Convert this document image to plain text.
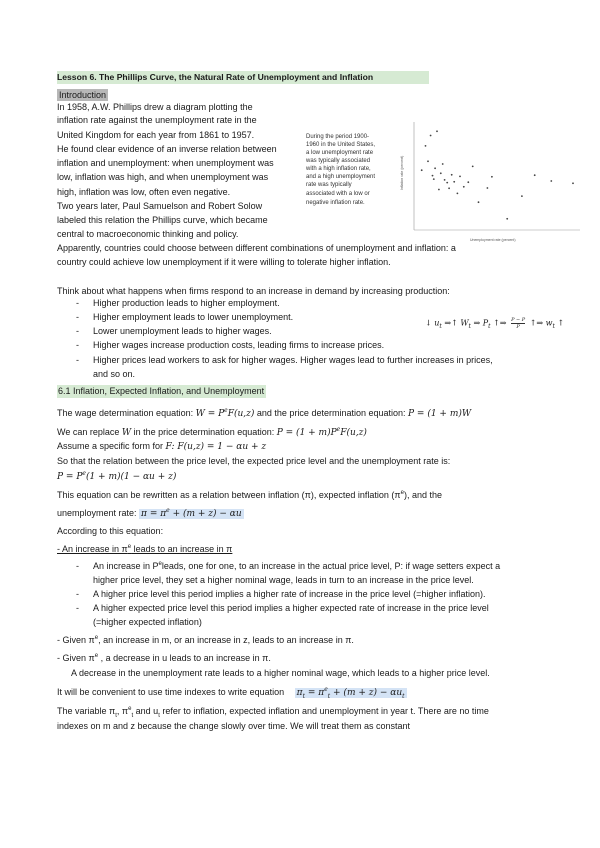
Lesson 6. The Phillips Curve, the Natural Rate of Unemployment and Inflation
Introduction
In 1958, A.W. Phillips drew a diagram plotting the
inflation rate against the unemployment rate in the
United Kingdom for each year from 1861 to 1957.
He found clear evidence of an inverse relation between
inflation and unemployment: when unemployment was
low, inflation was high, and when unemployment was
high, inflation was low, often even negative.
Two years later, Paul Samuelson and Robert Solow
labeled this relation the Phillips curve, which became
central to macroeconomic thinking and policy.
Apparently, countries could choose between different combinations of unemployment and inflation: a
country could achieve low unemployment if it were willing to tolerate higher inflation.
During the period 1900-
1960 in the United States,
a low unemployment rate
was typically associated
with a high inflation rate,
and a high unemployment
rate was typically
associated with a low or
negative inflation rate.
Inflation rate (percent)
Unemployment rate (percent)
Think about what happens when firms respond to an increase in demand by increasing production:
- Higher production leads to higher employment.
- Higher employment leads to lower unemployment.
- Lower unemployment leads to higher wages.
- Higher wages increase production costs, leading firms to increase prices.
- Higher prices lead workers to ask for higher wages. Higher wages lead to further increases in prices,
and so on.
↓ $u_t$ ⇒↑ $W_t$ ⇒ $P_t$ ↑⇒ $\frac{P - P}{P}$ ↑⇒ $w_t$ ↑
6.1 Inflation, Expected Inflation, and Unemployment
The wage determination equation: $W = P^eF(u,z)$ and the price determination equation: P = (1 + m)W
We can replace W in the price determination equation: $P = (1 + m)P^eF(u,z)$
Assume a specific form for F: F(u,z) = 1 − αu + z
So that the relation between the price level, the expected price level and the unemployment rate is:
$P = P^e(1 + m)(1 - \alpha u + z)$
This equation can be rewritten as a relation between inflation (π), expected inflation $(\pi^e)$, and the
unemployment rate: $\pi = \pi^e + (m + z) - \alpha u$
According to this equation:
- An increase in $\pi^e$ leads to an increase in π
- An increase in $P^eleads$, one for one, to an increase in the actual price level, P: if wage setters expect a
higher price level, they set a higher nominal wage, leads in turn to an increase in the price level.
- A higher price level this period implies a higher rate of increase in the price level (=higher inflation).
- A higher expected price level this period implies a higher expected rate of increase in the price level
(=higher expected inflation)
- Given $\pi^e$, an increase in m, or an increase in z, leads to an increase in π.
- Given $\pi^e$ , a decrease in u leads to an increase in π.
A decrease in the unemployment rate leads to a higher nominal wage, which leads to a higher price level.
It will be convenient to use time indexes to write equation $\pi_t = \pi^e_t + (m + z) - \alpha u_t$
The variable $\pi_t$, $\pi^e_t$ and $u_t$ refer to inflation, expected inflation and unemployment in year t. There are no time
indexes on m and z because the change slowly over time. We will treat them as constant
